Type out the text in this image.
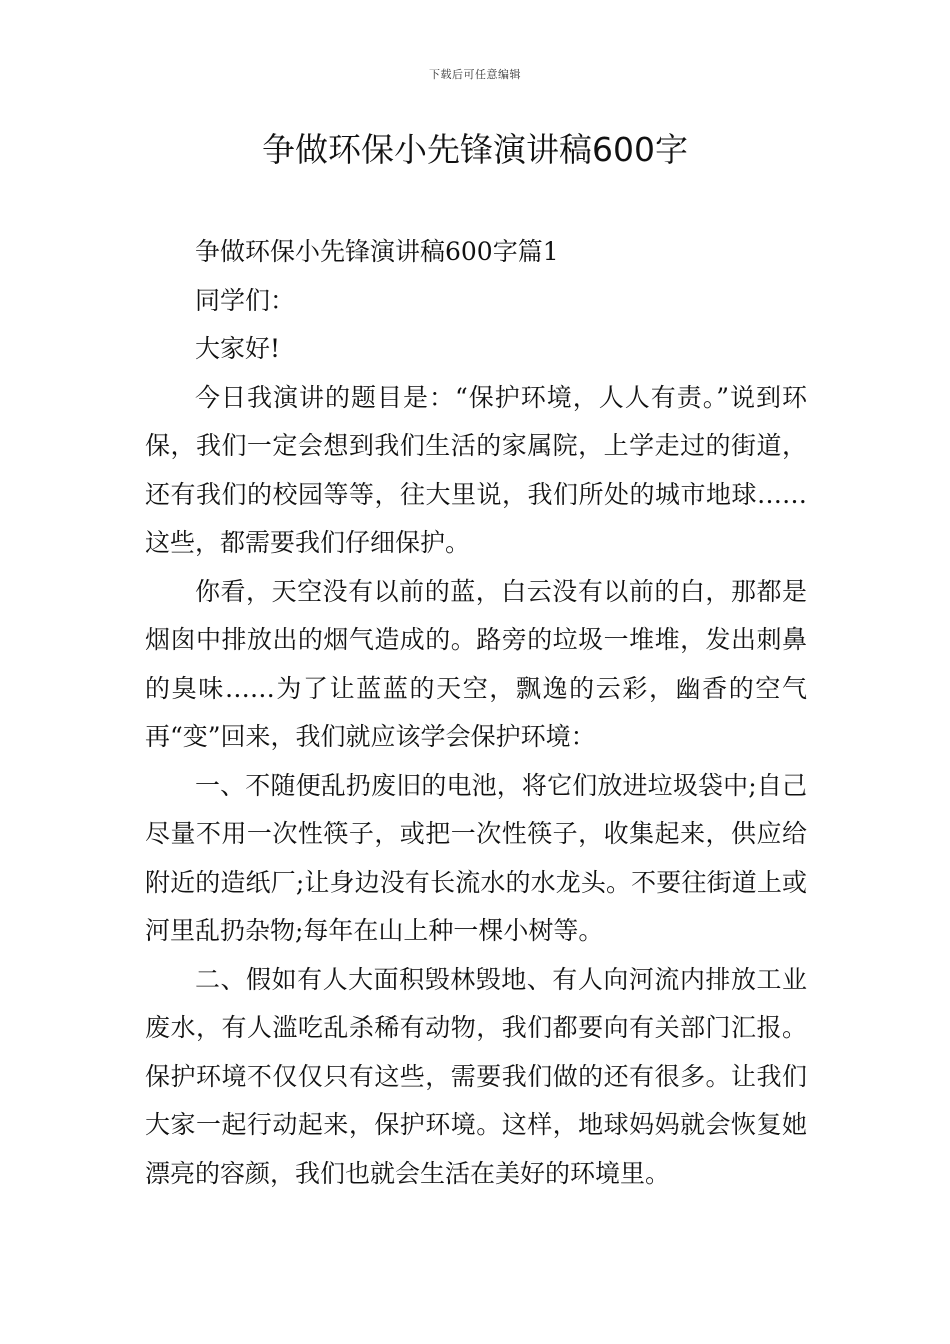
下载后可任意编辑
争做环保小先锋演讲稿600字

争做环保小先锋演讲稿600字篇1

同学们：

大家好!

今日我演讲的题目是：“保护环境，人人有责。”说到环保，我们一定会想到我们生活的家属院，上学走过的街道，还有我们的校园等等，往大里说，我们所处的城市地球……这些，都需要我们仔细保护。

你看，天空没有以前的蓝，白云没有以前的白，那都是烟囱中排放出的烟气造成的。路旁的垃圾一堆堆，发出刺鼻的臭味……为了让蓝蓝的天空，飘逸的云彩，幽香的空气再“变”回来，我们就应该学会保护环境：

一、不随便乱扔废旧的电池，将它们放进垃圾袋中;自己尽量不用一次性筷子，或把一次性筷子，收集起来，供应给附近的造纸厂;让身边没有长流水的水龙头。不要往街道上或河里乱扔杂物;每年在山上种一棵小树等。

二、假如有人大面积毁林毁地、有人向河流内排放工业废水，有人滥吃乱杀稀有动物，我们都要向有关部门汇报。保护环境不仅仅只有这些，需要我们做的还有很多。让我们大家一起行动起来，保护环境。这样，地球妈妈就会恢复她漂亮的容颜，我们也就会生活在美好的环境里。
